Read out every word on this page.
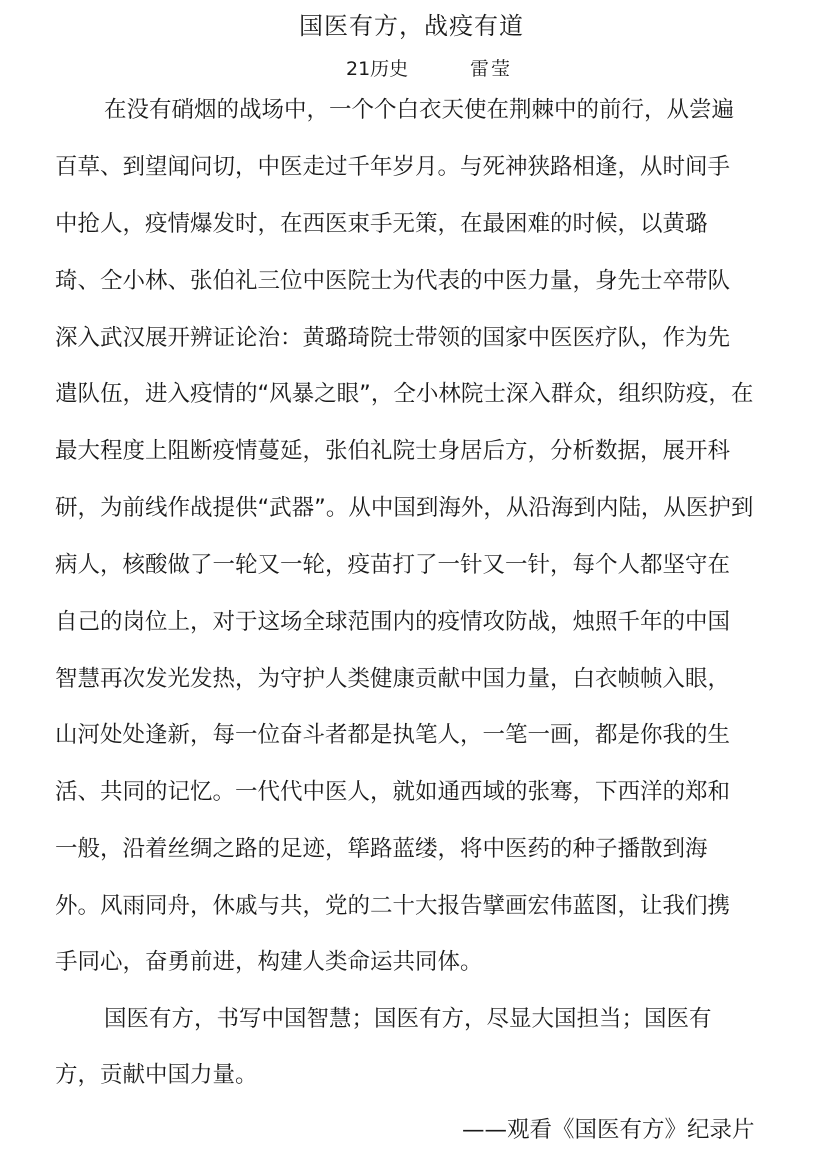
国医有方，战疫有道
21历史	雷莹
在没有硝烟的战场中，一个个白衣天使在荆棘中的前行，从尝遍
百草、到望闻问切，中医走过千年岁月。与死神狭路相逢，从时间手
中抢人，疫情爆发时，在西医束手无策，在最困难的时候，以黄璐
琦、仝小林、张伯礼三位中医院士为代表的中医力量，身先士卒带队
深入武汉展开辨证论治：黄璐琦院士带领的国家中医医疗队，作为先
遣队伍，进入疫情的“风暴之眼”，仝小林院士深入群众，组织防疫，在
最大程度上阻断疫情蔓延，张伯礼院士身居后方，分析数据，展开科
研，为前线作战提供“武器”。从中国到海外，从沿海到内陆，从医护到
病人，核酸做了一轮又一轮，疫苗打了一针又一针，每个人都坚守在
自己的岗位上，对于这场全球范围内的疫情攻防战，烛照千年的中国
智慧再次发光发热，为守护人类健康贡献中国力量，白衣帧帧入眼，
山河处处逢新，每一位奋斗者都是执笔人，一笔一画，都是你我的生
活、共同的记忆。一代代中医人，就如通西域的张骞，下西洋的郑和
一般，沿着丝绸之路的足迹，筚路蓝缕，将中医药的种子播散到海
外。风雨同舟，休戚与共，党的二十大报告擘画宏伟蓝图，让我们携
手同心，奋勇前进，构建人类命运共同体。
国医有方，书写中国智慧；国医有方，尽显大国担当；国医有
方，贡献中国力量。
——观看《国医有方》纪录片
